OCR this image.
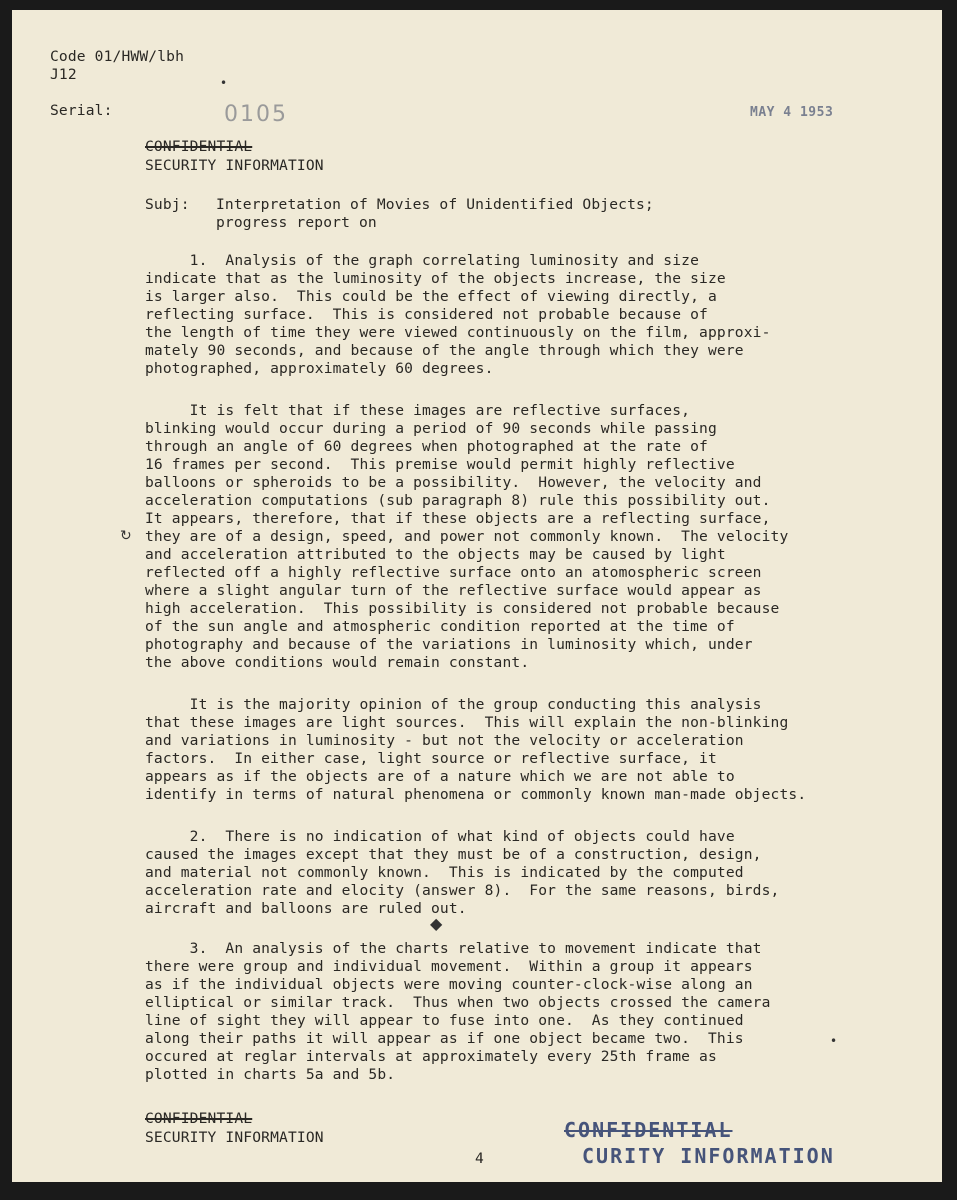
Code 01/HWW/lbh
J12	•
Serial:	0105	MAY 4 1953
CONFIDENTIAL
SECURITY INFORMATION
Subj: Interpretation of Movies of Unidentified Objects;
progress report on
1.  Analysis of the graph correlating luminosity and size
indicate that as the luminosity of the objects increase, the size
is larger also.  This could be the effect of viewing directly, a
reflecting surface.  This is considered not probable because of
the length of time they were viewed continuously on the film, approxi-
mately 90 seconds, and because of the angle through which they were
photographed, approximately 60 degrees.
It is felt that if these images are reflective surfaces,
blinking would occur during a period of 90 seconds while passing
through an angle of 60 degrees when photographed at the rate of
16 frames per second.  This premise would permit highly reflective
balloons or spheroids to be a possibility.  However, the velocity and
acceleration computations (sub paragraph 8) rule this possibility out.
It appears, therefore, that if these objects are a reflecting surface,
they are of a design, speed, and power not commonly known.  The velocity
and acceleration attributed to the objects may be caused by light
reflected off a highly reflective surface onto an atomospheric screen
where a slight angular turn of the reflective surface would appear as
high acceleration.  This possibility is considered not probable because
of the sun angle and atmospheric condition reported at the time of
photography and because of the variations in luminosity which, under
the above conditions would remain constant.
↻
It is the majority opinion of the group conducting this analysis
that these images are light sources.  This will explain the non-blinking
and variations in luminosity - but not the velocity or acceleration
factors.  In either case, light source or reflective surface, it
appears as if the objects are of a nature which we are not able to
identify in terms of natural phenomena or commonly known man-made objects.
2.  There is no indication of what kind of objects could have
caused the images except that they must be of a construction, design,
and material not commonly known.  This is indicated by the computed
acceleration rate and elocity (answer 8).  For the same reasons, birds,
aircraft and balloons are ruled out.
◆
3.  An analysis of the charts relative to movement indicate that
there were group and individual movement.  Within a group it appears
as if the individual objects were moving counter-clock-wise along an
elliptical or similar track.  Thus when two objects crossed the camera
line of sight they will appear to fuse into one.  As they continued
along their paths it will appear as if one object became two.  This
occured at reglar intervals at approximately every 25th frame as
plotted in charts 5a and 5b.
•
CONFIDENTIAL
SECURITY INFORMATION
4
CONFIDENTIAL
CURITY INFORMATION
